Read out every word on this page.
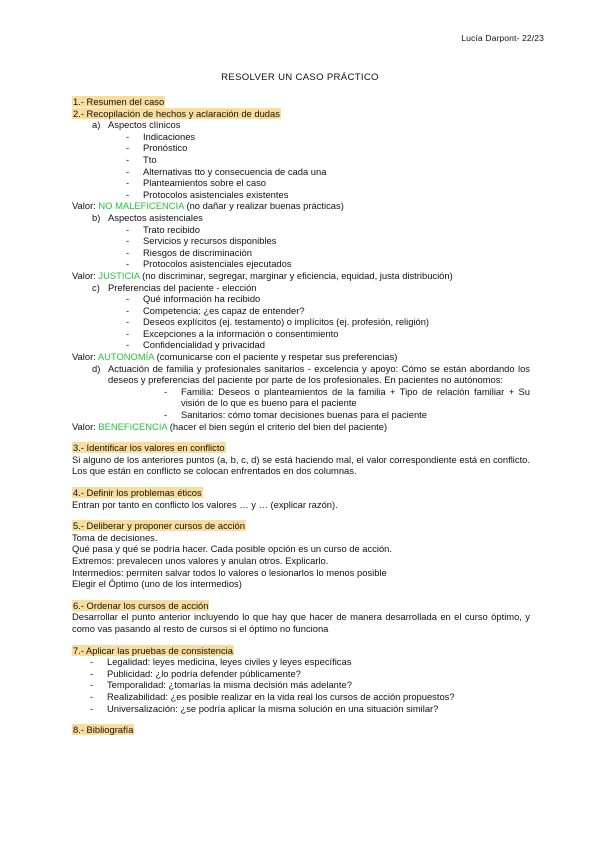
Lucía Darpont- 22/23
RESOLVER UN CASO PRÁCTICO
1.- Resumen del caso
2.- Recopilación de hechos y aclaración de dudas
a) Aspectos clínicos
- Indicaciones
- Pronóstico
- Tto
- Alternativas tto y consecuencia de cada una
- Planteamientos sobre el caso
- Protocolos asistenciales existentes
Valor: NO MALEFICENCIA (no dañar y realizar buenas prácticas)
b) Aspectos asistenciales
- Trato recibido
- Servicios y recursos disponibles
- Riesgos de discriminación
- Protocolos asistenciales ejecutados
Valor: JUSTICIA (no discriminar, segregar, marginar y eficiencia, equidad, justa distribución)
c) Preferencias del paciente - elección
- Qué información ha recibido
- Competencia: ¿es capaz de entender?
- Deseos explícitos (ej. testamento) o implícitos (ej. profesión, religión)
- Excepciones a la información o consentimiento
- Confidencialidad y privacidad
Valor: AUTONOMÍA (comunicarse con el paciente y respetar sus preferencias)
d) Actuación de familia y profesionales sanitarios - excelencia y apoyo: Cómo se están abordando los deseos y preferencias del paciente por parte de los profesionales. En pacientes no autónomos:
-	Familia: Deseos o planteamientos de la familia + Tipo de relación familiar + Su visión de lo que es bueno para el paciente
-	Sanitarios: cómo tomar decisiones buenas para el paciente
Valor: BENEFICENCIA (hacer el bien según el criterio del bien del paciente)
3.- Identificar los valores en conflicto
Si alguno de los anteriores puntos (a, b, c, d) se está haciendo mal, el valor correspondiente está en conflicto. Los que están en conflicto se colocan enfrentados en dos columnas.
4.- Definir los problemas éticos
Entran por tanto en conflicto los valores … y … (explicar razón).
5.- Deliberar y proponer cursos de acción
Toma de decisiones.
Qué pasa y qué se podría hacer. Cada posible opción es un curso de acción.
Extremos: prevalecen unos valores y anulan otros. Explicarlo.
Intermedios: permiten salvar todos lo valores o lesionarlos lo menos posible
Elegir el Óptimo (uno de los intermedios)
6.- Ordenar los cursos de acción
Desarrollar el punto anterior incluyendo lo que hay que hacer de manera desarrollada en el curso óptimo, y como vas pasando al resto de cursos si el óptimo no funciona
7.- Aplicar las pruebas de consistencia
- Legalidad: leyes medicina, leyes civiles y leyes específicas
- Publicidad: ¿lo podría defender públicamente?
- Temporalidad: ¿tomarías la misma decisión más adelante?
- Realizabilidad: ¿es posible realizar en la vida real los cursos de acción propuestos?
- Universalización: ¿se podría aplicar la misma solución en una situación similar?
8.- Bibliografía
